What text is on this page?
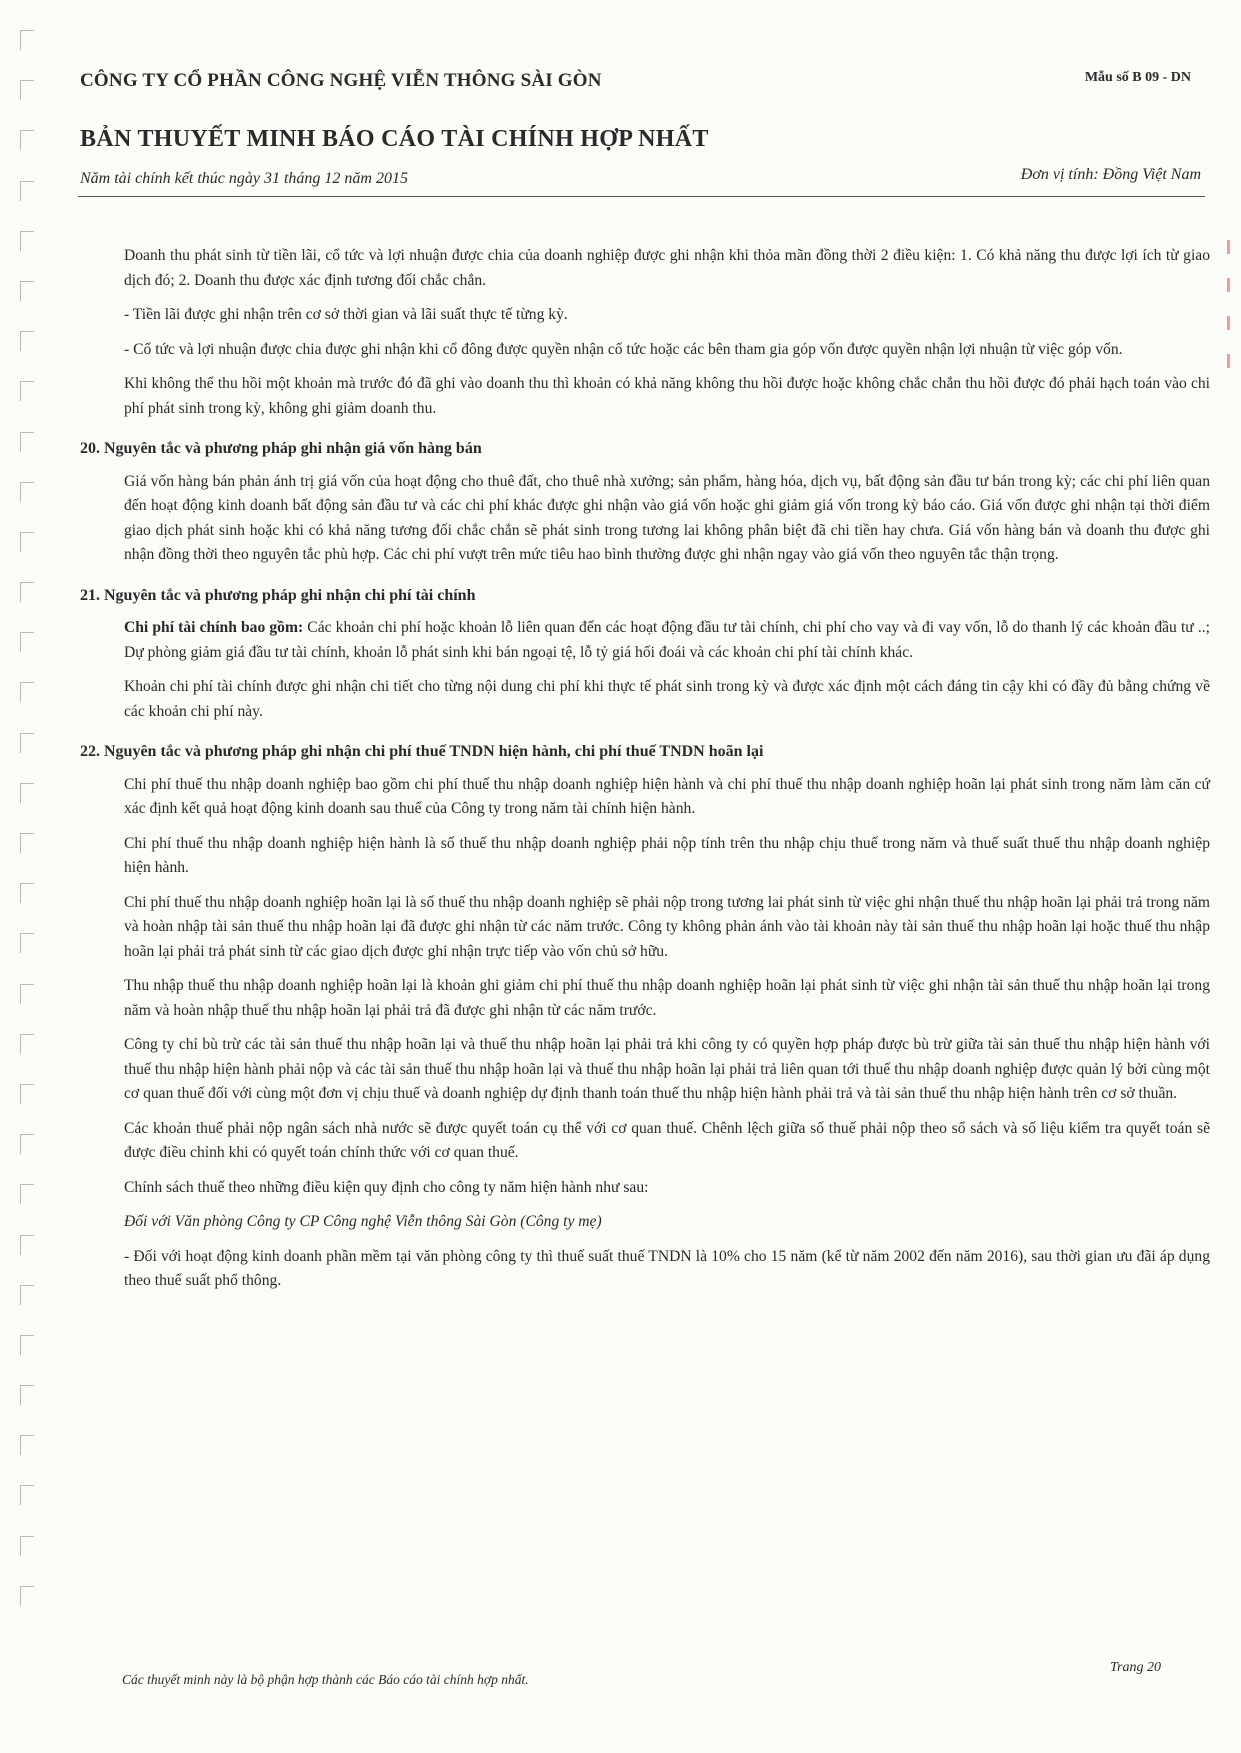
CÔNG TY CỔ PHẦN CÔNG NGHỆ VIỄN THÔNG SÀI GÒN	Mẫu số B 09 - DN
BẢN THUYẾT MINH BÁO CÁO TÀI CHÍNH HỢP NHẤT
Năm tài chính kết thúc ngày 31 tháng 12 năm 2015	Đơn vị tính: Đồng Việt Nam

Doanh thu phát sinh từ tiền lãi, cổ tức và lợi nhuận được chia của doanh nghiệp được ghi nhận khi thỏa mãn đồng thời 2 điều kiện: 1. Có khả năng thu được lợi ích từ giao dịch đó; 2. Doanh thu được xác định tương đối chắc chắn.

- Tiền lãi được ghi nhận trên cơ sở thời gian và lãi suất thực tế từng kỳ.

- Cổ tức và lợi nhuận được chia được ghi nhận khi cổ đông được quyền nhận cổ tức hoặc các bên tham gia góp vốn được quyền nhận lợi nhuận từ việc góp vốn.

Khi không thể thu hồi một khoản mà trước đó đã ghi vào doanh thu thì khoản có khả năng không thu hồi được hoặc không chắc chắn thu hồi được đó phải hạch toán vào chi phí phát sinh trong kỳ, không ghi giảm doanh thu.

20. Nguyên tắc và phương pháp ghi nhận giá vốn hàng bán

Giá vốn hàng bán phản ánh trị giá vốn của hoạt động cho thuê đất, cho thuê nhà xưởng; sản phẩm, hàng hóa, dịch vụ, bất động sản đầu tư bán trong kỳ; các chi phí liên quan đến hoạt động kinh doanh bất động sản đầu tư và các chi phí khác được ghi nhận vào giá vốn hoặc ghi giảm giá vốn trong kỳ báo cáo. Giá vốn được ghi nhận tại thời điểm giao dịch phát sinh hoặc khi có khả năng tương đối chắc chắn sẽ phát sinh trong tương lai không phân biệt đã chi tiền hay chưa. Giá vốn hàng bán và doanh thu được ghi nhận đồng thời theo nguyên tắc phù hợp. Các chi phí vượt trên mức tiêu hao bình thường được ghi nhận ngay vào giá vốn theo nguyên tắc thận trọng.

21. Nguyên tắc và phương pháp ghi nhận chi phí tài chính

Chi phí tài chính bao gồm: Các khoản chi phí hoặc khoản lỗ liên quan đến các hoạt động đầu tư tài chính, chi phí cho vay và đi vay vốn, lỗ do thanh lý các khoản đầu tư ..; Dự phòng giảm giá đầu tư tài chính, khoản lỗ phát sinh khi bán ngoại tệ, lỗ tỷ giá hối đoái và các khoản chi phí tài chính khác.

Khoản chi phí tài chính được ghi nhận chi tiết cho từng nội dung chi phí khi thực tế phát sinh trong kỳ và được xác định một cách đáng tin cậy khi có đầy đủ bằng chứng về các khoản chi phí này.

22. Nguyên tắc và phương pháp ghi nhận chi phí thuế TNDN hiện hành, chi phí thuế TNDN hoãn lại

Chi phí thuế thu nhập doanh nghiệp bao gồm chi phí thuế thu nhập doanh nghiệp hiện hành và chi phí thuế thu nhập doanh nghiệp hoãn lại phát sinh trong năm làm căn cứ xác định kết quả hoạt động kinh doanh sau thuế của Công ty trong năm tài chính hiện hành.

Chi phí thuế thu nhập doanh nghiệp hiện hành là số thuế thu nhập doanh nghiệp phải nộp tính trên thu nhập chịu thuế trong năm và thuế suất thuế thu nhập doanh nghiệp hiện hành.

Chi phí thuế thu nhập doanh nghiệp hoãn lại là số thuế thu nhập doanh nghiệp sẽ phải nộp trong tương lai phát sinh từ việc ghi nhận thuế thu nhập hoãn lại phải trả trong năm và hoàn nhập tài sản thuế thu nhập hoãn lại đã được ghi nhận từ các năm trước. Công ty không phản ánh vào tài khoản này tài sản thuế thu nhập hoãn lại hoặc thuế thu nhập hoãn lại phải trả phát sinh từ các giao dịch được ghi nhận trực tiếp vào vốn chủ sở hữu.

Thu nhập thuế thu nhập doanh nghiệp hoãn lại là khoản ghi giảm chi phí thuế thu nhập doanh nghiệp hoãn lại phát sinh từ việc ghi nhận tài sản thuế thu nhập hoãn lại trong năm và hoàn nhập thuế thu nhập hoãn lại phải trả đã được ghi nhận từ các năm trước.

Công ty chỉ bù trừ các tài sản thuế thu nhập hoãn lại và thuế thu nhập hoãn lại phải trả khi công ty có quyền hợp pháp được bù trừ giữa tài sản thuế thu nhập hiện hành với thuế thu nhập hiện hành phải nộp và các tài sản thuế thu nhập hoãn lại và thuế thu nhập hoãn lại phải trả liên quan tới thuế thu nhập doanh nghiệp được quản lý bởi cùng một cơ quan thuế đối với cùng một đơn vị chịu thuế và doanh nghiệp dự định thanh toán thuế thu nhập hiện hành phải trả và tài sản thuế thu nhập hiện hành trên cơ sở thuần.

Các khoản thuế phải nộp ngân sách nhà nước sẽ được quyết toán cụ thể với cơ quan thuế. Chênh lệch giữa số thuế phải nộp theo sổ sách và số liệu kiểm tra quyết toán sẽ được điều chỉnh khi có quyết toán chính thức với cơ quan thuế.

Chính sách thuế theo những điều kiện quy định cho công ty năm hiện hành như sau:

Đối với Văn phòng Công ty CP Công nghệ Viễn thông Sài Gòn (Công ty mẹ)

- Đối với hoạt động kinh doanh phần mềm tại văn phòng công ty thì thuế suất thuế TNDN là 10% cho 15 năm (kể từ năm 2002 đến năm 2016), sau thời gian ưu đãi áp dụng theo thuế suất phổ thông.

Các thuyết minh này là bộ phận hợp thành các Báo cáo tài chính hợp nhất.
Trang 20
